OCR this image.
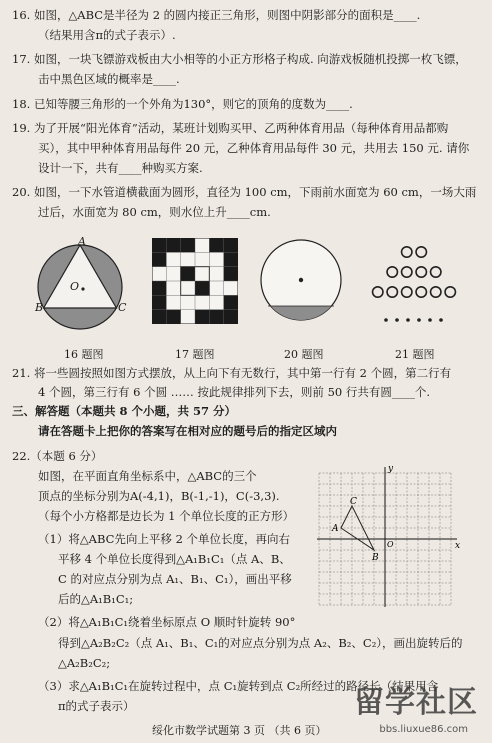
16. 如图，△ABC是半径为 2 的圆内接正三角形，则图中阴影部分的面积是____.
（结果用含π的式子表示）.
17. 如图，一块飞镖游戏板由大小相等的小正方形格子构成. 向游戏板随机投掷一枚飞镖，
击中黑色区域的概率是____.
18. 已知等腰三角形的一个外角为130°，则它的顶角的度数为____.
19. 为了开展“阳光体育”活动，某班计划购买甲、乙两种体育用品（每种体育用品都购
买），其中甲种体育用品每件 20 元，乙种体育用品每件 30 元，共用去 150 元. 请你
设计一下，共有____种购买方案.
20. 如图，一下水管道横截面为圆形，直径为 100 cm，下雨前水面宽为 60 cm，一场大雨
过后，水面宽为 80 cm，则水位上升____cm.
A
B	C
O
16 题图	17 题图	20 题图	21 题图
21. 将一些圆按照如图方式摆放，从上向下有无数行，其中第一行有 2 个圆，第二行有
4 个圆，第三行有 6 个圆 …… 按此规律排列下去，则前 50 行共有圆____个.
三、解答题（本题共 8 个小题，共 57 分）
请在答题卡上把你的答案写在相对应的题号后的指定区域内
22.（本题 6 分）
如图，在平面直角坐标系中，△ABC的三个
顶点的坐标分别为A(-4,1)，B(-1,-1)，C(-3,3).
（每个小方格都是边长为 1 个单位长度的正方形）
（1）将△ABC先向上平移 2 个单位长度，再向右
平移 4 个单位长度得到△A₁B₁C₁（点 A、B、
C 的对应点分别为点 A₁、B₁、C₁），画出平移
后的△A₁B₁C₁;
（2）将△A₁B₁C₁绕着坐标原点 O 顺时针旋转 90°
得到△A₂B₂C₂（点 A₁、B₁、C₁的对应点分别为点 A₂、B₂、C₂），画出旋转后的
△A₂B₂C₂;
（3）求△A₁B₁C₁在旋转过程中，点 C₁旋转到点 C₂所经过的路径长（结果用含
π的式子表示）
x
y
O
A
B
C
绥化市数学试题第 3 页 （共 6 页）
留学社区
bbs.liuxue86.com
